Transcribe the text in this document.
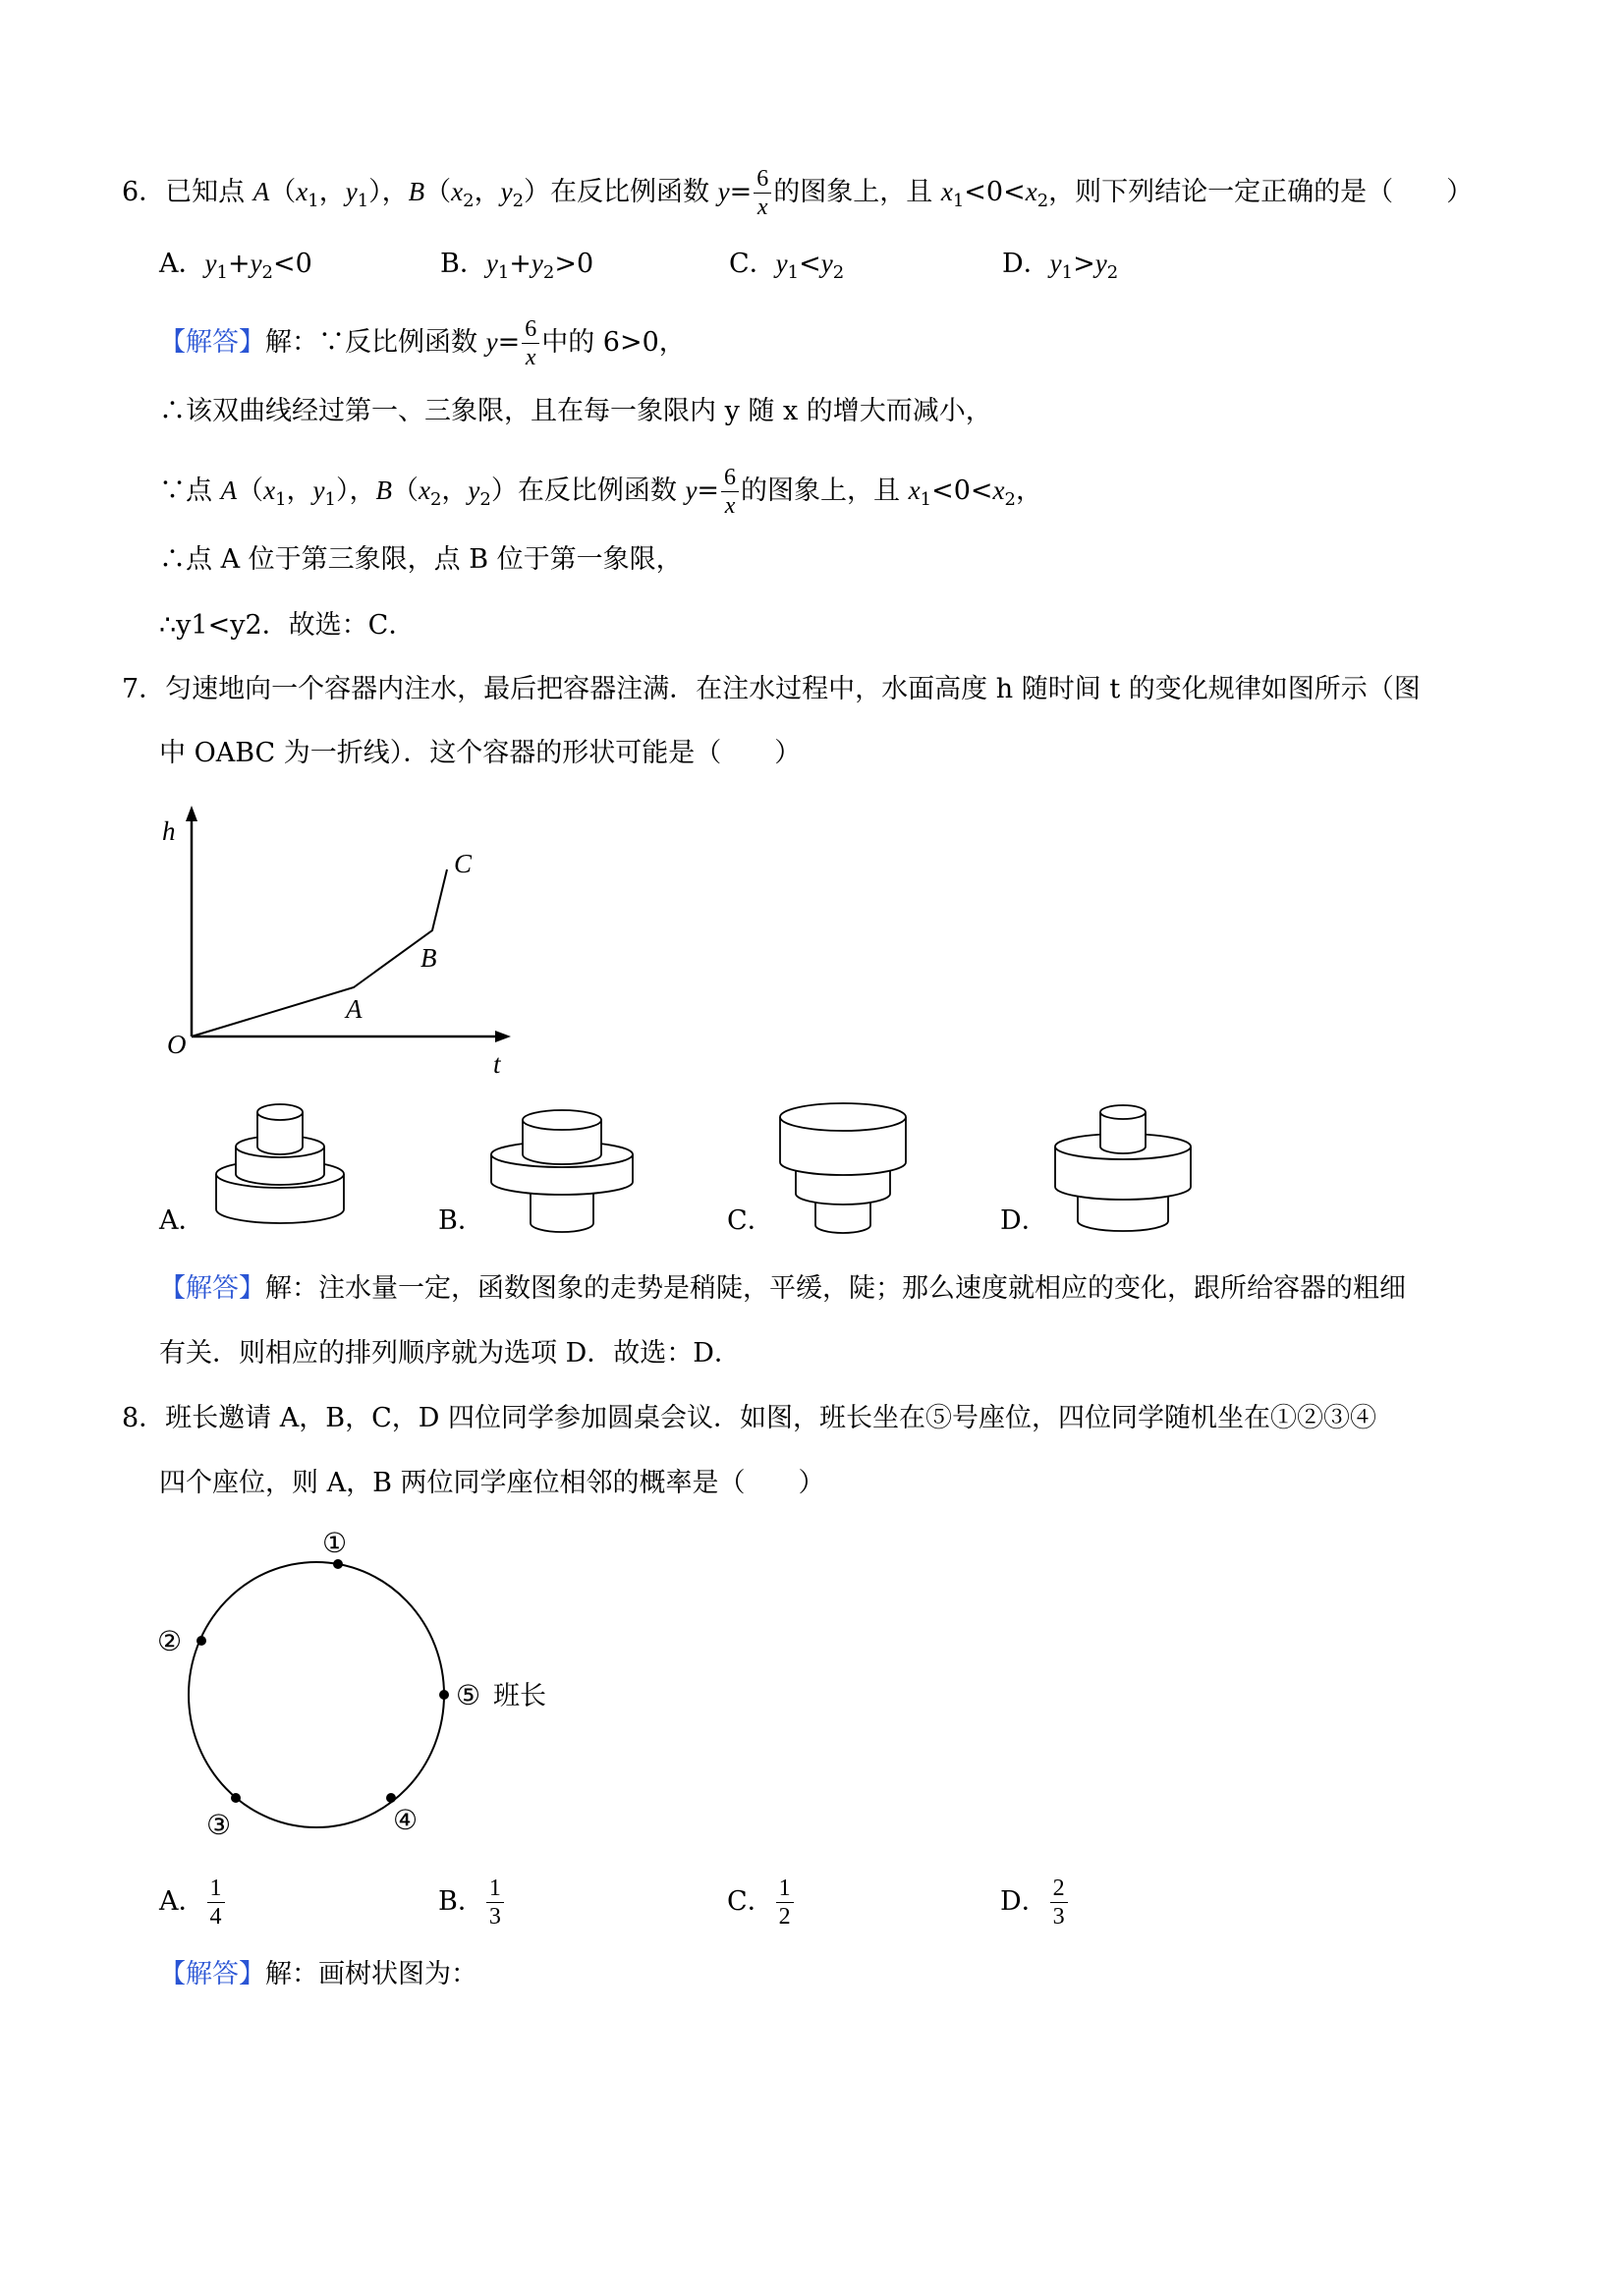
6．已知点 $A(x_1$，$y_1$），$B(x_2$，$y_2$）在反比例函数 $y= \frac{6}{x}$ 的图象上，且 $x_1<0<x_2$，则下列结论一定正确的是（　　）
A．$y_1+y_2<0$	B．$y_1+y_2>0$	C．$y_1<y_2$	D．$y_1>y_2$
【解答】解：∵反比例函数 $y= \frac{6}{x}$ 中的 6>0，
∴该双曲线经过第一、三象限，且在每一象限内 y 随 x 的增大而减小，
∵点 $A(x_1$，$y_1$），$B(x_2$，$y_2$）在反比例函数 $y= \frac{6}{x}$ 的图象上，且 $x_1<0<x_2$，
∴点 A 位于第三象限，点 B 位于第一象限，
∴y1<y2．故选：C．
7．匀速地向一个容器内注水，最后把容器注满．在注水过程中，水面高度 h 随时间 t 的变化规律如图所示（图
中 OABC 为一折线）．这个容器的形状可能是（　　）
h
t
O
A
B
C
A．	B．	C．	D．
【解答】解：注水量一定，函数图象的走势是稍陡，平缓，陡；那么速度就相应的变化，跟所给容器的粗细
有关．则相应的排列顺序就为选项 D．故选：D．
8．班长邀请 A，B，C，D 四位同学参加圆桌会议．如图，班长坐在⑤号座位，四位同学随机坐在①②③④
四个座位，则 A，B 两位同学座位相邻的概率是（　　）
①
②
③	④
⑤ 班长
A． $\frac{1}{4}$	B． $\frac{1}{3}$	C． $\frac{1}{2}$	D． $\frac{2}{3}$
【解答】解：画树状图为：
